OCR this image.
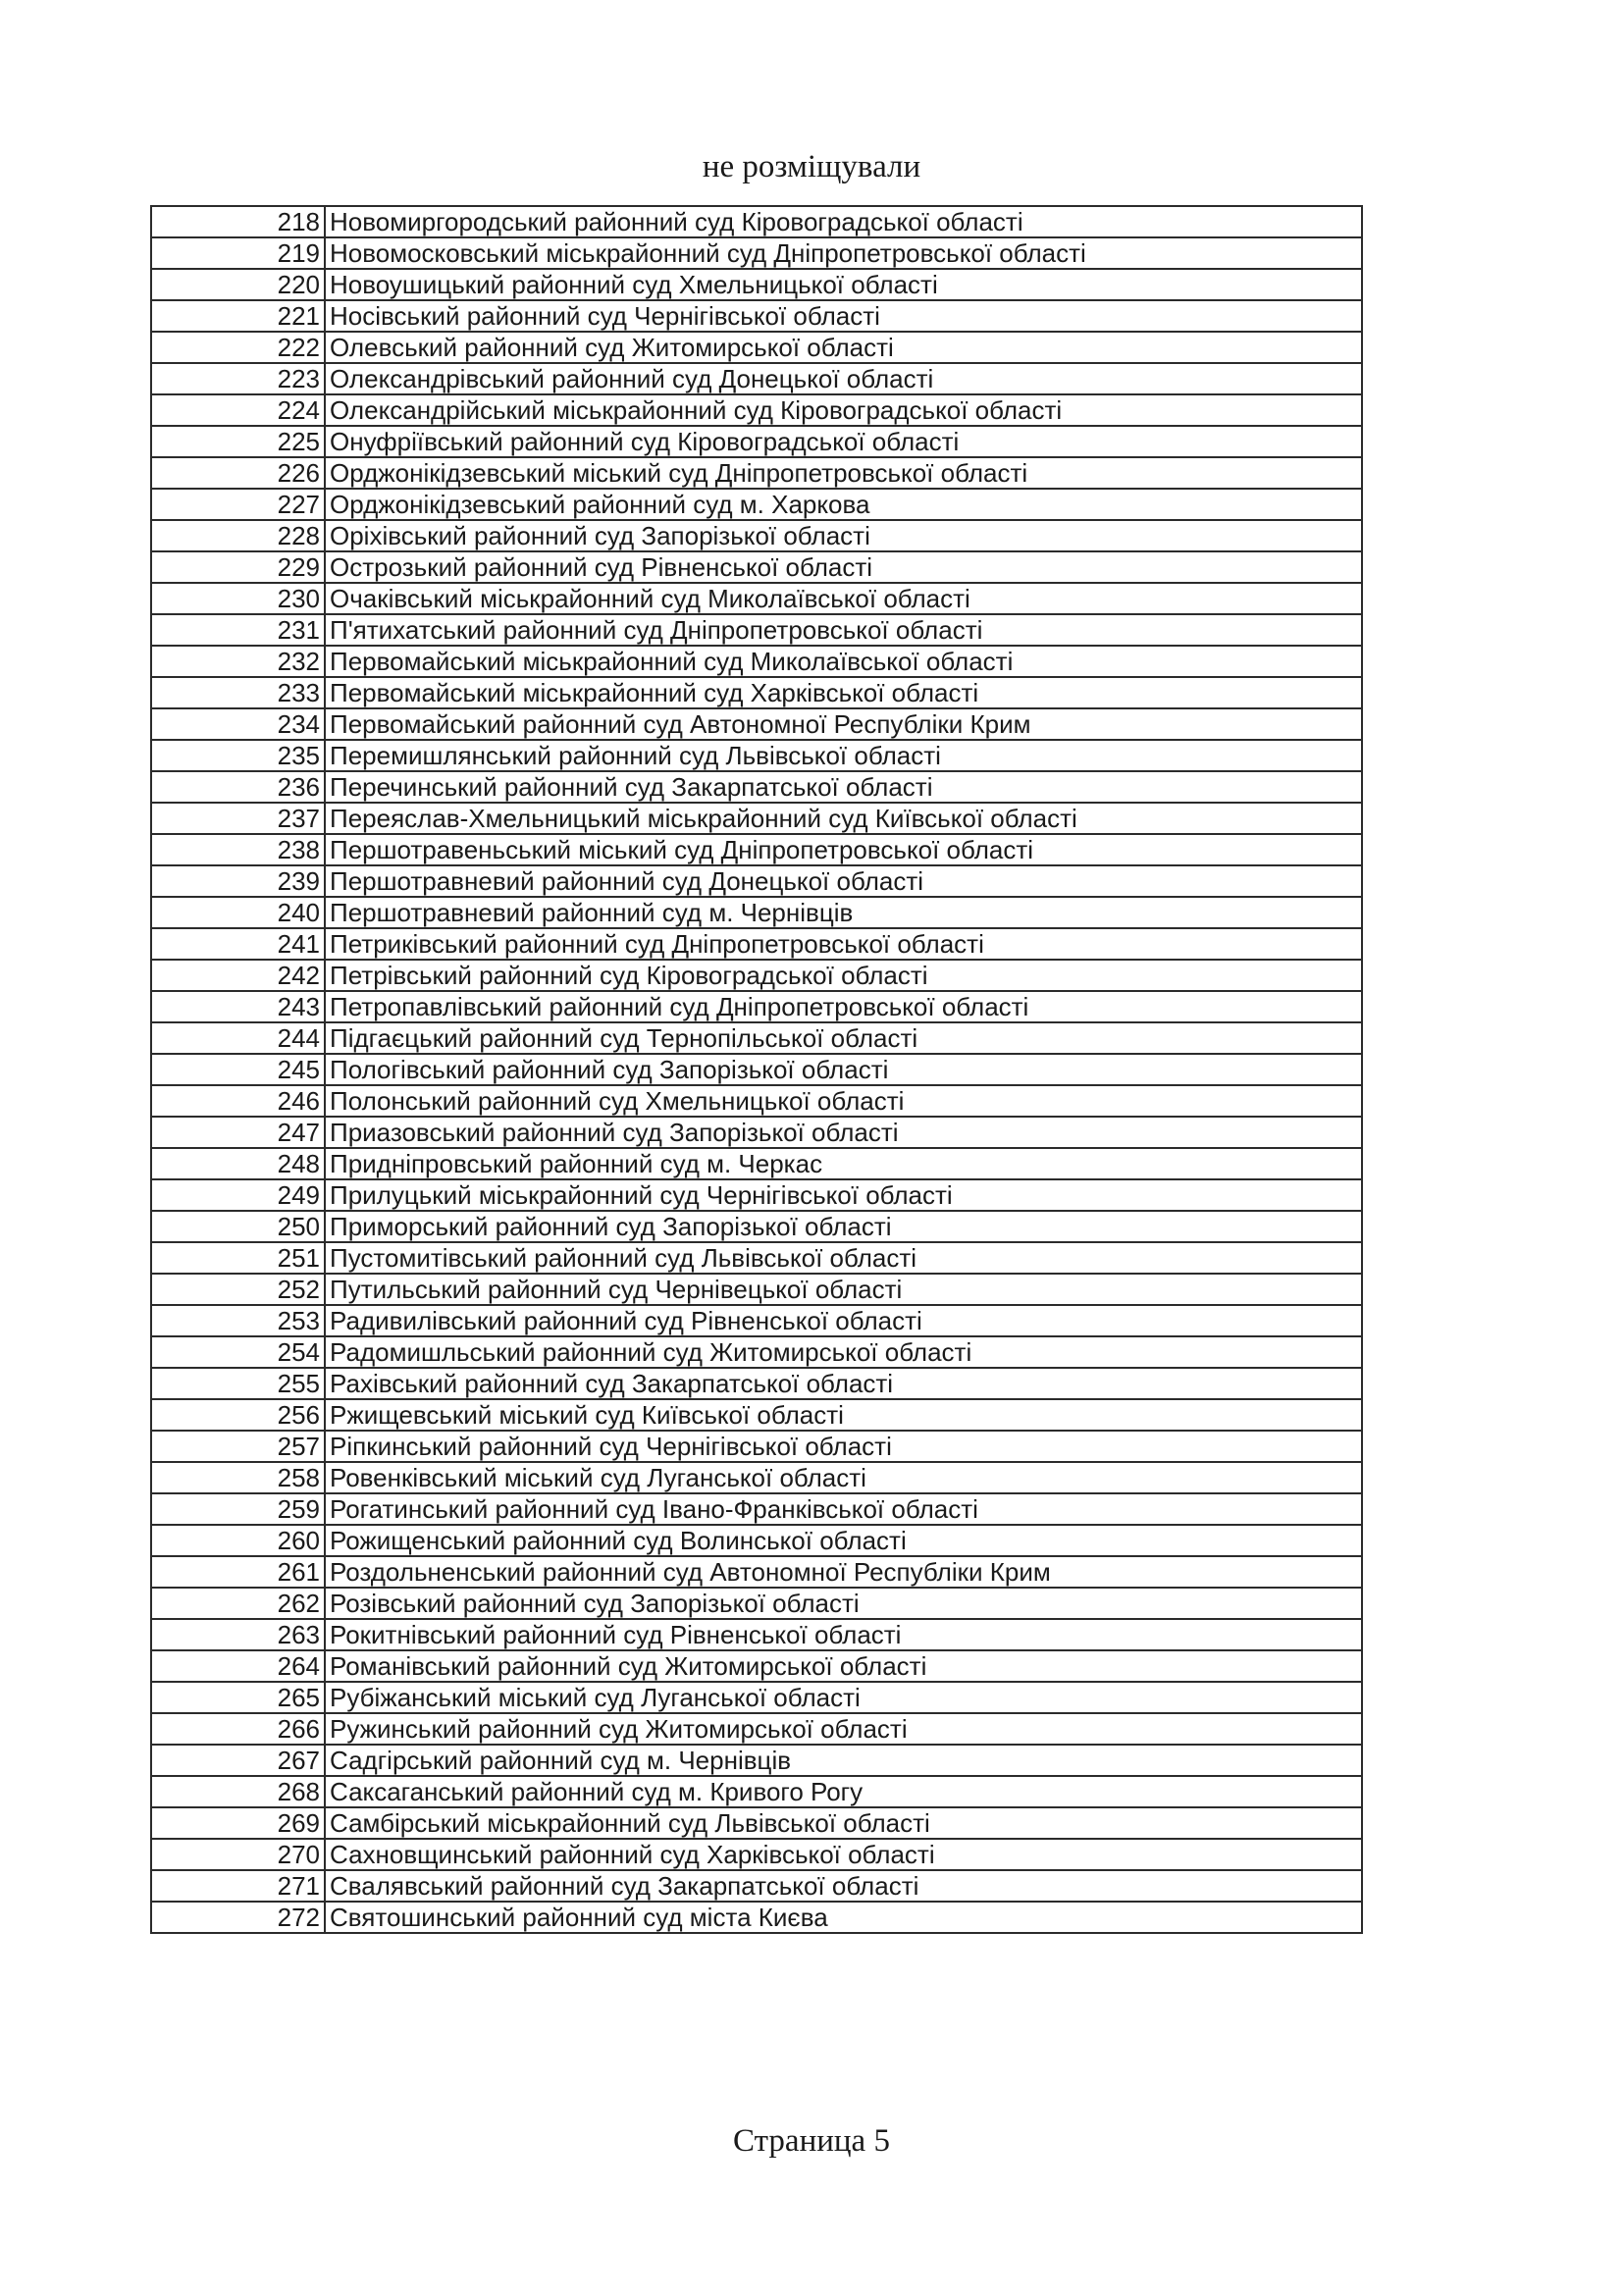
не розміщували
218	Новомиргородський районний суд Кіровоградської області
219	Новомосковський міськрайонний суд Дніпропетровської області
220	Новоушицький районний суд Хмельницької області
221	Носівський районний суд Чернігівської області
222	Олевський районний суд Житомирської області
223	Олександрівський районний суд Донецької області
224	Олександрійський міськрайонний суд Кіровоградської області
225	Онуфріївський районний суд Кіровоградської області
226	Орджонікідзевський міський суд Дніпропетровської області
227	Орджонікідзевський районний суд м. Харкова
228	Оріхівський районний суд Запорізької області
229	Острозький районний суд Рівненської області
230	Очаківський міськрайонний суд Миколаївської області
231	П'ятихатський районний суд Дніпропетровської області
232	Первомайський міськрайонний суд Миколаївської області
233	Первомайський міськрайонний суд Харківської області
234	Первомайський районний суд Автономної Республіки Крим
235	Перемишлянський районний суд Львівської області
236	Перечинський районний суд Закарпатської області
237	Переяслав-Хмельницький міськрайонний суд Київської області
238	Першотравеньський міський суд Дніпропетровської області
239	Першотравневий районний суд Донецької області
240	Першотравневий районний суд м. Чернівців
241	Петриківський районний суд Дніпропетровської області
242	Петрівський районний суд Кіровоградської області
243	Петропавлівський районний суд Дніпропетровської області
244	Підгаєцький районний суд Тернопільської області
245	Пологівський районний суд Запорізької області
246	Полонський районний суд Хмельницької області
247	Приазовський районний суд Запорізької області
248	Придніпровський районний суд м. Черкас
249	Прилуцький міськрайонний суд Чернігівської області
250	Приморський районний суд Запорізької області
251	Пустомитівський районний суд Львівської області
252	Путильський районний суд Чернівецької області
253	Радивилівський районний суд Рівненської області
254	Радомишльський районний суд Житомирської області
255	Рахівський районний суд Закарпатської області
256	Ржищевський міський суд Київської області
257	Ріпкинський районний суд Чернігівської області
258	Ровенківський міський суд Луганської області
259	Рогатинський районний суд Івано-Франківської області
260	Рожищенський районний суд Волинської області
261	Роздольненський районний суд Автономної Республіки Крим
262	Розівський районний суд Запорізької області
263	Рокитнівський районний суд Рівненської області
264	Романівський районний суд Житомирської області
265	Рубіжанський міський суд Луганської області
266	Ружинський районний суд Житомирської області
267	Садгірський районний суд м. Чернівців
268	Саксаганський районний суд м. Кривого Рогу
269	Самбірський міськрайонний суд Львівської області
270	Сахновщинський районний суд Харківської області
271	Свалявський районний суд Закарпатської області
272	Святошинський районний суд міста Києва
Страница 5
